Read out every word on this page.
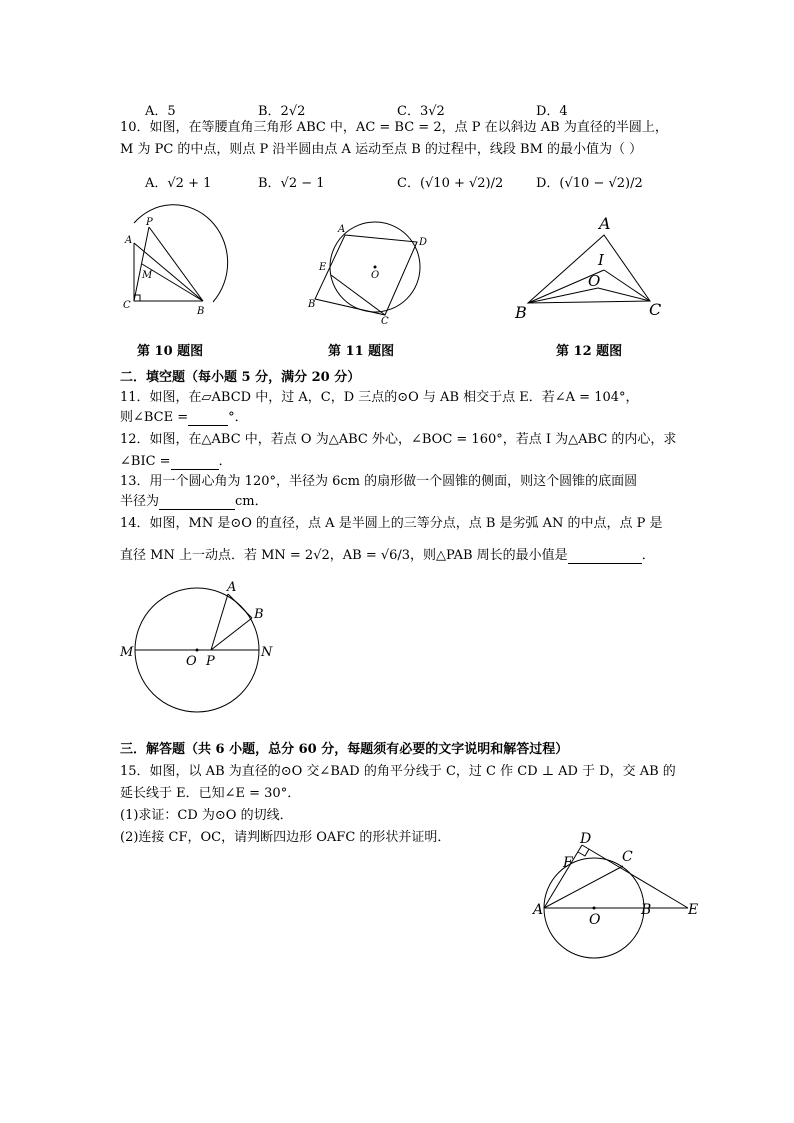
A．5	B．2√2	C．3√2	D．4
10．如图，在等腰直角三角形 ABC 中，AC = BC = 2，点 P 在以斜边 AB 为直径的半圆上，
M 为 PC 的中点，则点 P 沿半圆由点 A 运动至点 B 的过程中，线段 BM 的最小值为（ ）
A．√2 + 1	B．√2 − 1	C．(√10 + √2)/2	D．(√10 − √2)/2
P
A
M
C
B
第 10 题图
A
D
E
O
B
C
第 11 题图
A
I
O
B	C
第 12 题图
二．填空题（每小题 5 分，满分 20 分）
11．如图，在▱ABCD 中，过 A，C，D 三点的⊙O 与 AB 相交于点 E．若∠A = 104°，
则∠BCE =	°．
12．如图，在△ABC 中，若点 O 为△ABC 外心，∠BOC = 160°，若点 I 为△ABC 的内心，求
∠BIC =	．
13．用一个圆心角为 120°，半径为 6cm 的扇形做一个圆锥的侧面，则这个圆锥的底面圆
半径为	cm．
14．如图，MN 是⊙O 的直径，点 A 是半圆上的三等分点，点 B 是劣弧 AN 的中点，点 P 是
直径 MN 上一动点．若 MN = 2√2，AB = √6/3，则△PAB 周长的最小值是	．
A
B
M
O P
N
三．解答题（共 6 小题，总分 60 分，每题须有必要的文字说明和解答过程）
15．如图，以 AB 为直径的⊙O 交∠BAD 的角平分线于 C，过 C 作 CD ⊥ AD 于 D，交 AB 的
延长线于 E．已知∠E = 30°．
(1)求证：CD 为⊙O 的切线．
(2)连接 CF，OC，请判断四边形 OAFC 的形状并证明．	D
F	C
A
O
B	E
